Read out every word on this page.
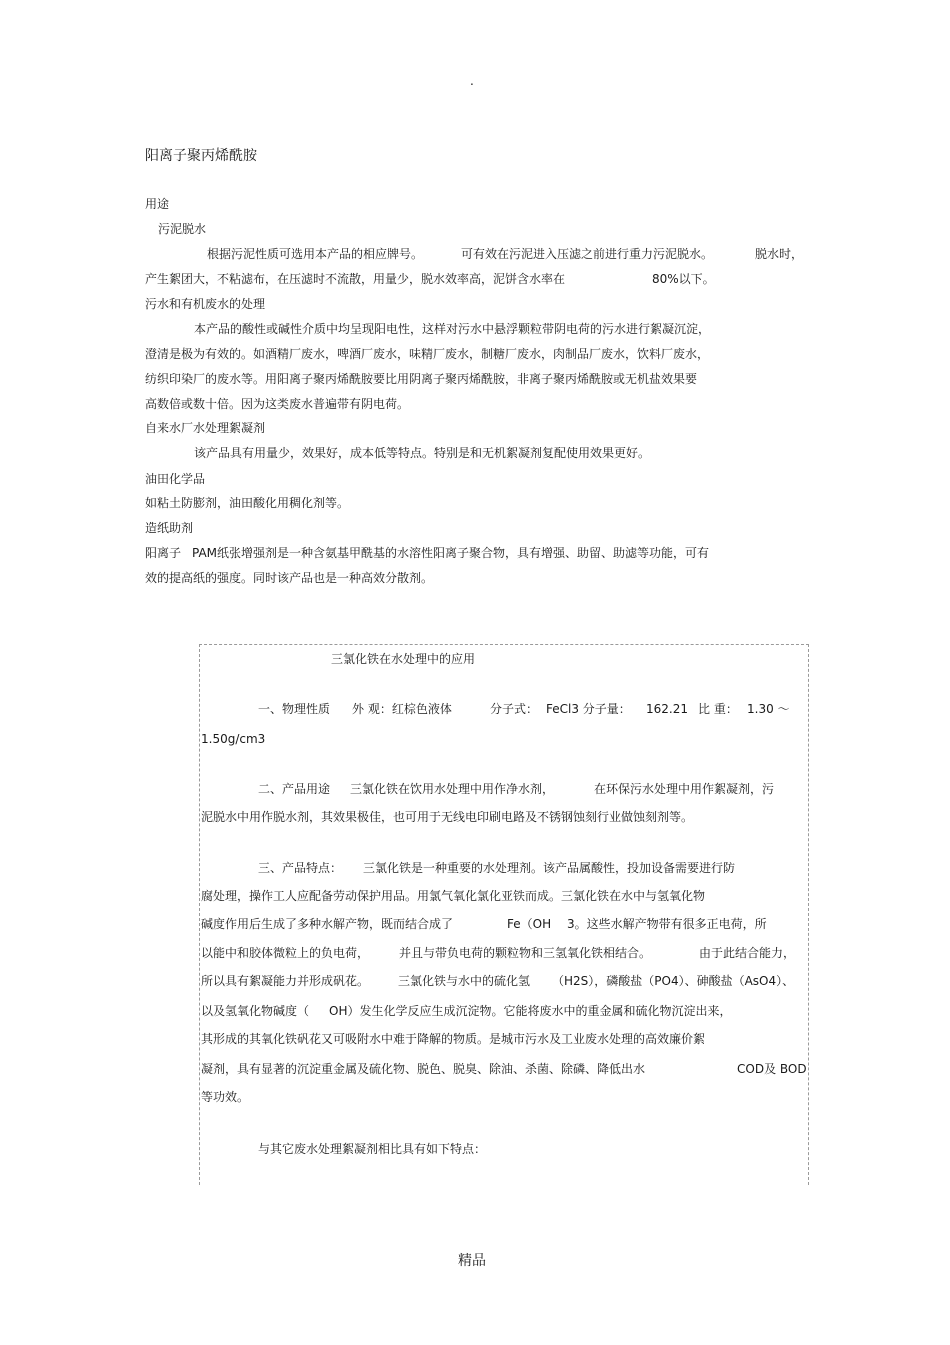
.
阳离子聚丙烯酰胺
用途
污泥脱水
根据污泥性质可选用本产品的相应牌号。	可有效在污泥进入压滤之前进行重力污泥脱水。	脱水时，
产生絮团大，不粘滤布，在压滤时不流散，用量少，脱水效率高，泥饼含水率在	80%以下。
污水和有机废水的处理
本产品的酸性或碱性介质中均呈现阳电性，这样对污水中悬浮颗粒带阴电荷的污水进行絮凝沉淀，
澄清是极为有效的。如酒精厂废水，啤酒厂废水，味精厂废水，制糖厂废水，肉制品厂废水，饮料厂废水，
纺织印染厂的废水等。用阳离子聚丙烯酰胺要比用阴离子聚丙烯酰胺，非离子聚丙烯酰胺或无机盐效果要
高数倍或数十倍。因为这类废水普遍带有阴电荷。
自来水厂水处理絮凝剂
该产品具有用量少，效果好，成本低等特点。特别是和无机絮凝剂复配使用效果更好。
油田化学品
如粘土防膨剂，油田酸化用稠化剂等。
造纸助剂
阳离子 PAM纸张增强剂是一种含氨基甲酰基的水溶性阳离子聚合物，具有增强、助留、助滤等功能，可有
效的提高纸的强度。同时该产品也是一种高效分散剂。
三氯化铁在水处理中的应用
一、物理性质 外 观：红棕色液体	分子式： FeCl3 分子量： 162.21 比 重： 1.30 ～
1.50g/cm3
二、产品用途 三氯化铁在饮用水处理中用作净水剂，	在环保污水处理中用作絮凝剂，污
泥脱水中用作脱水剂，其效果极佳，也可用于无线电印刷电路及不锈钢蚀刻行业做蚀刻剂等。
三、产品特点： 三氯化铁是一种重要的水处理剂。该产品属酸性，投加设备需要进行防
腐处理，操作工人应配备劳动保护用品。用氯气氧化氯化亚铁而成。三氯化铁在水中与氢氧化物
碱度作用后生成了多种水解产物，既而结合成了	Fe（OH 3。这些水解产物带有很多正电荷，所
以能中和胶体微粒上的负电荷， 并且与带负电荷的颗粒物和三氢氧化铁相结合。	由于此结合能力，
所以具有絮凝能力并形成矾花。 三氯化铁与水中的硫化氢 （H2S），磷酸盐（PO4）、砷酸盐（AsO4）、
以及氢氧化物碱度（ OH）发生化学反应生成沉淀物。它能将废水中的重金属和硫化物沉淀出来，
其形成的其氧化铁矾花又可吸附水中难于降解的物质。是城市污水及工业废水处理的高效廉价絮
凝剂，具有显著的沉淀重金属及硫化物、脱色、脱臭、除油、杀菌、除磷、降低出水	COD及 BOD
等功效。
与其它废水处理絮凝剂相比具有如下特点：
精品
